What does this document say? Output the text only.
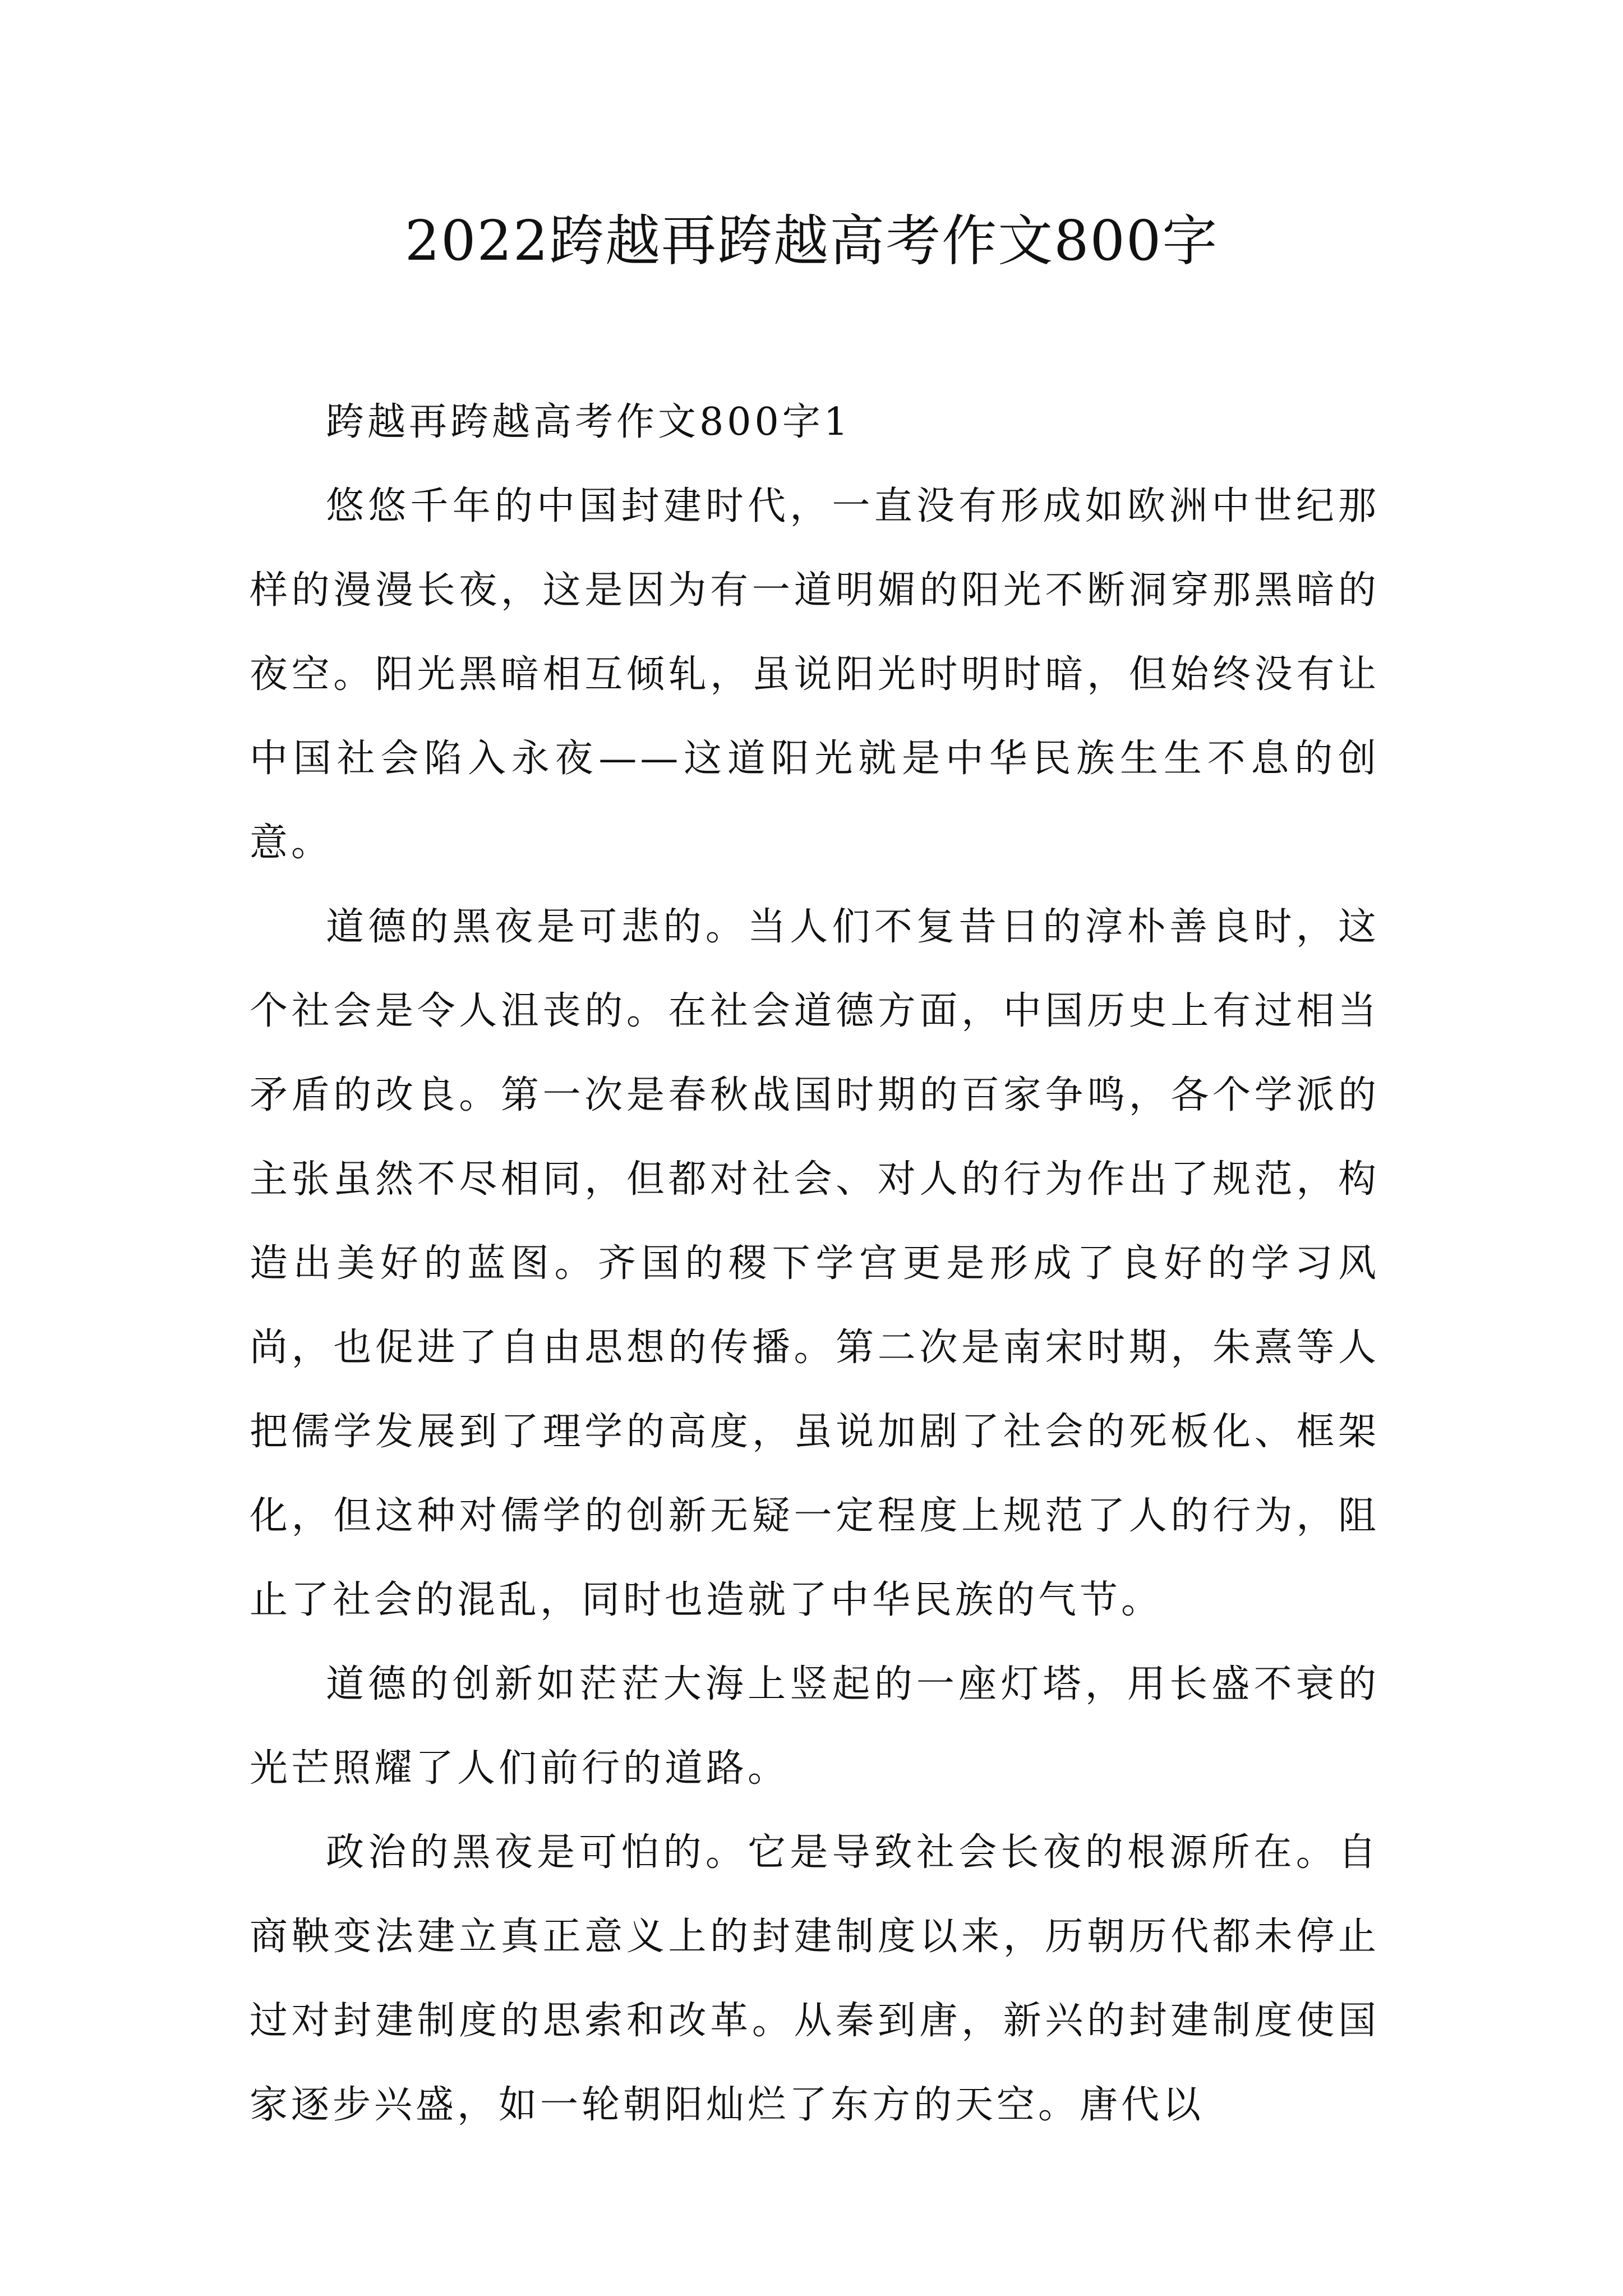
2022跨越再跨越高考作文800字

跨越再跨越高考作文800字1

悠悠千年的中国封建时代，一直没有形成如欧洲中世纪那样的漫漫长夜，这是因为有一道明媚的阳光不断洞穿那黑暗的夜空。阳光黑暗相互倾轧，虽说阳光时明时暗，但始终没有让中国社会陷入永夜——这道阳光就是中华民族生生不息的创意。

道德的黑夜是可悲的。当人们不复昔日的淳朴善良时，这个社会是令人沮丧的。在社会道德方面，中国历史上有过相当矛盾的改良。第一次是春秋战国时期的百家争鸣，各个学派的主张虽然不尽相同，但都对社会、对人的行为作出了规范，构造出美好的蓝图。齐国的稷下学宫更是形成了良好的学习风尚，也促进了自由思想的传播。第二次是南宋时期，朱熹等人把儒学发展到了理学的高度，虽说加剧了社会的死板化、框架化，但这种对儒学的创新无疑一定程度上规范了人的行为，阻止了社会的混乱，同时也造就了中华民族的气节。

道德的创新如茫茫大海上竖起的一座灯塔，用长盛不衰的光芒照耀了人们前行的道路。

政治的黑夜是可怕的。它是导致社会长夜的根源所在。自商鞅变法建立真正意义上的封建制度以来，历朝历代都未停止过对封建制度的思索和改革。从秦到唐，新兴的封建制度使国家逐步兴盛，如一轮朝阳灿烂了东方的天空。唐代以
